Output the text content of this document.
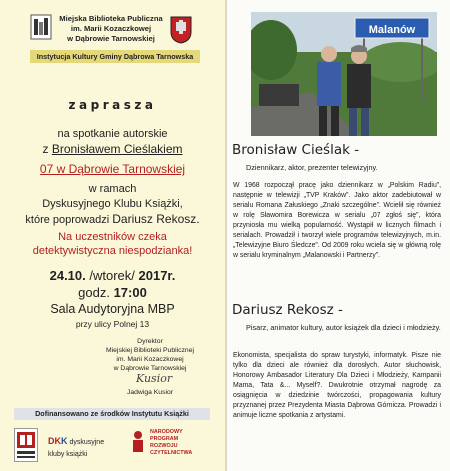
Miejska Biblioteka Publiczna
im. Marii Kozaczkowej
w Dąbrowie Tarnowskiej
Instytucja Kultury Gminy Dąbrowa Tarnowska
zaprasza
na spotkanie autorskie
z Bronisławem Cieślakiem
07 w Dąbrowie Tarnowskiej
w ramach
Dyskusyjnego Klubu Książki,
które poprowadzi Dariusz Rekosz.
Na uczestników czeka
detektywistyczna niespodzianka!
24.10. /wtorek/ 2017r.
godz. 17:00
Sala Audytoryjna MBP
przy ulicy Polnej 13
Dyrektor
Miejskiej Biblioteki Publicznej
im. Marii Kozaczkowej
w Dąbrowie Tarnowskiej
Kusior
Jadwiga Kusior
Dofinansowano ze środków Instytutu Książki
DKK dyskusyjne kluby książki
NARODOWY
PROGRAM
ROZWOJU
CZYTELNICTWA
Malanów
Bronisław Cieślak -
Dziennikarz, aktor, prezenter telewizyjny.
W 1968 rozpoczął pracę jako dziennikarz w „Polskim Radiu”, następnie w telewizji „TVP Kraków”. Jako aktor zadebiutował w serialu Romana Załuskiego „Znaki szczególne”. Wcielił się również w rolę Sławomira Borewicza w serialu „07 zgłoś się”, która przyniosła mu wielką popularność. Wystąpił w licznych filmach i serialach. Prowadził i tworzył wiele programów telewizyjnych, m.in. „Telewizyjne Biuro Śledcze”. Od 2009 roku wciela się w główną rolę w serialu kryminalnym „Malanowski i Partnerzy”.
Dariusz Rekosz -
Pisarz, animator kultury, autor książek dla dzieci i młodzieży.
Ekonomista, specjalista do spraw turystyki, informatyk. Pisze nie tylko dla dzieci ale również dla dorosłych. Autor słuchowisk, Honorowy Ambasador Literatury Dla Dzieci i Młodzieży, Kampanii Mama, Tata &... Myself?. Dwukrotnie otrzymał nagrodę za osiągnięcia w dziedzinie twórczości, propagowania kultury przyznanej przez Prezydenta Miasta Dąbrowa Górnicza. Prowadzi i animuje liczne spotkania z artystami.
